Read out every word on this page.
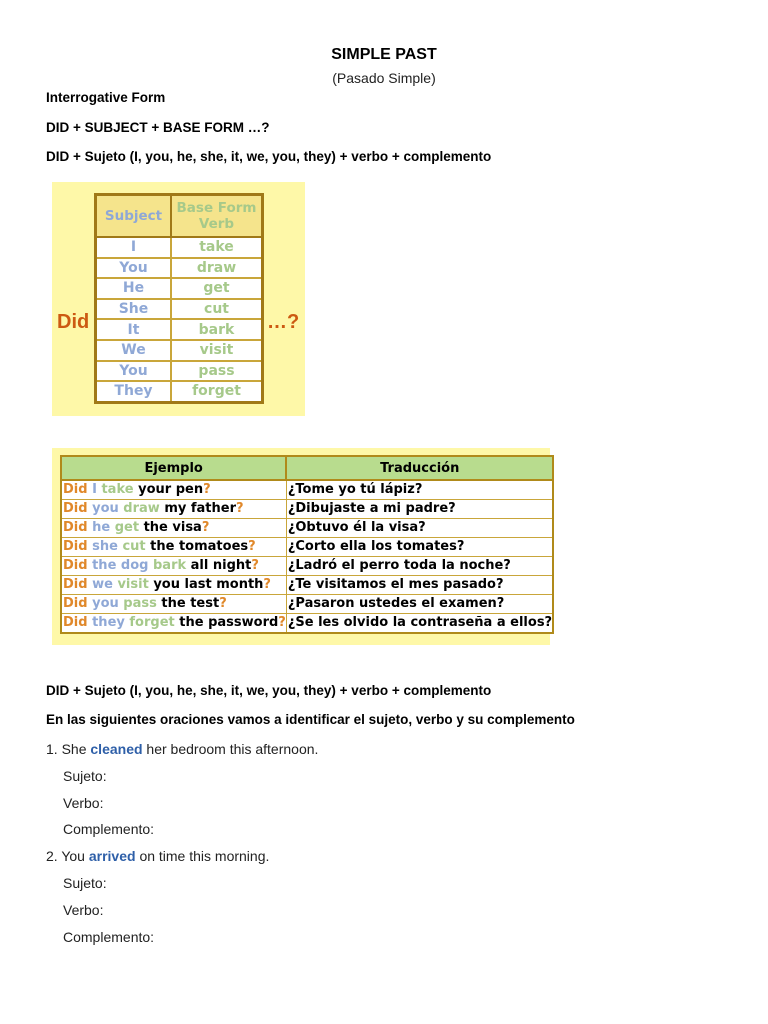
SIMPLE PAST
(Pasado Simple)
Interrogative Form
DID + SUBJECT + BASE FORM …?
DID + Sujeto (I, you, he, she, it, we, you, they) + verbo + complemento
Did	…?
Subject	Base Form Verb
I	take
You	draw
He	get
She	cut
It	bark
We	visit
You	pass
They	forget
Ejemplo	Traducción
Did I take your pen?	¿Tome yo tú lápiz?
Did you draw my father?	¿Dibujaste a mi padre?
Did he get the visa?	¿Obtuvo él la visa?
Did she cut the tomatoes?	¿Corto ella los tomates?
Did the dog bark all night?	¿Ladró el perro toda la noche?
Did we visit you last month?	¿Te visitamos el mes pasado?
Did you pass the test?	¿Pasaron ustedes el examen?
Did they forget the password?	¿Se les olvido la contraseña a ellos?
DID + Sujeto (I, you, he, she, it, we, you, they) + verbo + complemento
En las siguientes oraciones vamos a identificar el sujeto, verbo y su complemento
1. She cleaned her bedroom this afternoon.
Sujeto:
Verbo:
Complemento:
2. You arrived on time this morning.
Sujeto:
Verbo:
Complemento:
